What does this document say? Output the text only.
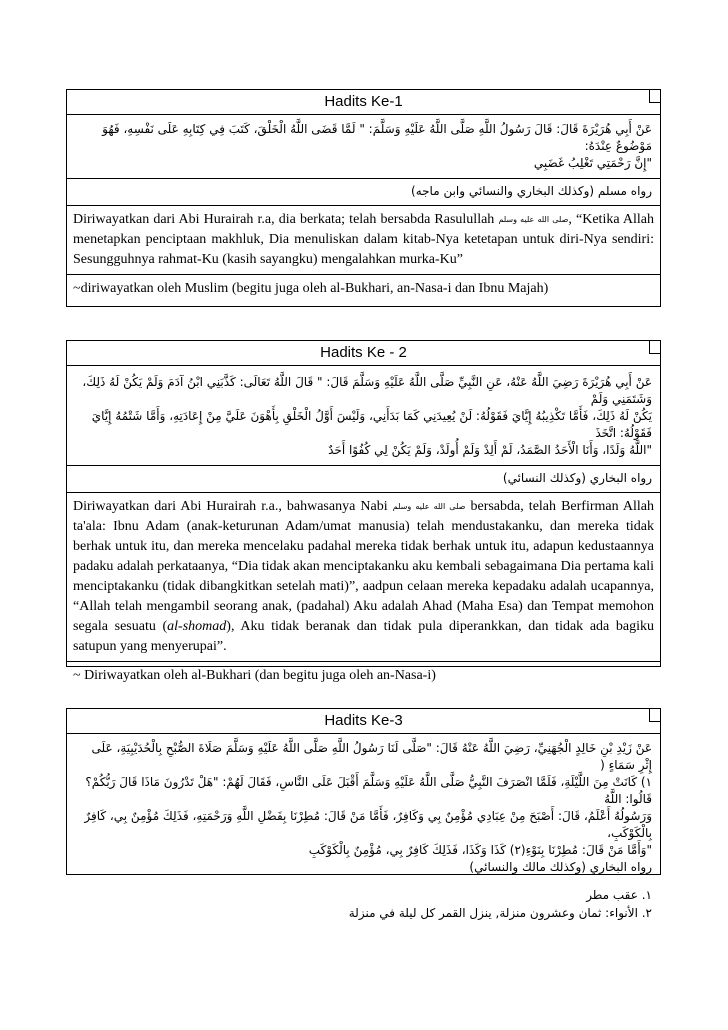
Hadits Ke-1
عَنْ أَبِي هُرَيْرَةَ قَالَ: قَالَ رَسُولُ اللَّهِ صَلَّى اللَّهُ عَلَيْهِ وَسَلَّمَ: " لَمَّا قَضَى اللَّهُ الْخَلْقَ، كَتَبَ فِي كِتَابِهِ عَلَى نَفْسِهِ، فَهُوَ مَوْضُوعٌ عِنْدَهُ:
"إِنَّ رَحْمَتِي تَغْلِبُ غَضَبِي
رواه مسلم (وكذلك البخاري والنسائي وابن ماجه)
Diriwayatkan dari Abi Hurairah r.a, dia berkata; telah bersabda Rasulullah صلى الله عليه وسلم, “Ketika Allah menetapkan penciptaan makhluk, Dia menuliskan dalam kitab-Nya ketetapan untuk diri-Nya sendiri: Sesungguhnya rahmat-Ku (kasih sayangku) mengalahkan murka-Ku”
~diriwayatkan oleh Muslim (begitu juga oleh al-Bukhari, an-Nasa-i dan Ibnu Majah)
Hadits Ke - 2
عَنْ أَبِي هُرَيْرَةَ رَضِيَ اللَّهُ عَنْهُ، عَنِ النَّبِيِّ صَلَّى اللَّهُ عَلَيْهِ وَسَلَّمَ قَالَ: " قَالَ اللَّهُ تَعَالَى: كَذَّبَنِي ابْنُ آدَمَ وَلَمْ يَكُنْ لَهُ ذَلِكَ، وَشَتَمَنِي وَلَمْ
يَكُنْ لَهُ ذَلِكَ، فَأَمَّا تَكْذِيبُهُ إِيَّايَ فَقَوْلُهُ: لَنْ يُعِيدَنِي كَمَا بَدَأَنِي، وَلَيْسَ أَوَّلُ الْخَلْقِ بِأَهْوَنَ عَلَيَّ مِنْ إِعَادَتِهِ، وَأَمَّا شَتْمُهُ إِيَّايَ فَقَوْلُهُ: اتَّخَذَ
"اللَّهُ وَلَدًا، وَأَنَا الْأَحَدُ الصَّمَدُ، لَمْ أَلِدْ وَلَمْ أُولَدْ، وَلَمْ يَكُنْ لِي كُفُوًا أَحَدٌ
رواه البخاري (وكذلك النسائي)
Diriwayatkan dari Abi Hurairah r.a., bahwasanya Nabi صلى الله عليه وسلم bersabda, telah Berfirman Allah ta'ala: Ibnu Adam (anak-keturunan Adam/umat manusia) telah mendustakanku, dan mereka tidak berhak untuk itu, dan mereka mencelaku padahal mereka tidak berhak untuk itu, adapun kedustaannya padaku adalah perkataanya, “Dia tidak akan menciptakanku aku kembali sebagaimana Dia pertama kali menciptakanku (tidak dibangkitkan setelah mati)”, aadpun celaan mereka kepadaku adalah ucapannya, “Allah telah mengambil seorang anak, (padahal) Aku adalah Ahad (Maha Esa) dan Tempat memohon segala sesuatu (al-shomad), Aku tidak beranak dan tidak pula diperankkan, dan tidak ada bagiku satupun yang menyerupai”.
~ Diriwayatkan oleh al-Bukhari (dan begitu juga oleh an-Nasa-i)
Hadits Ke-3
عَنْ زَيْدِ بْنِ خَالِدٍ الْجُهَنِيِّ، رَضِيَ اللَّهُ عَنْهُ قَالَ: "صَلَّى لَنَا رَسُولُ اللَّهِ صَلَّى اللَّهُ عَلَيْهِ وَسَلَّمَ صَلَاةَ الصُّبْحِ بِالْحُدَيْبِيَةِ، عَلَى إِثْرِ سَمَاءٍ (
١) كَانَتْ مِنَ اللَّيْلَةِ، فَلَمَّا انْصَرَفَ النَّبِيُّ صَلَّى اللَّهُ عَلَيْهِ وَسَلَّمَ أَقْبَلَ عَلَى النَّاسِ، فَقَالَ لَهُمْ: "هَلْ تَدْرُونَ مَاذَا قَالَ رَبُّكُمْ؟ قَالُوا: اللَّهُ
وَرَسُولُهُ أَعْلَمُ، قَالَ: أَصْبَحَ مِنْ عِبَادِي مُؤْمِنٌ بِي وَكَافِرٌ، فَأَمَّا مَنْ قَالَ: مُطِرْنَا بِفَضْلِ اللَّهِ وَرَحْمَتِهِ، فَذَلِكَ مُؤْمِنٌ بِي، كَافِرٌ بِالْكَوْكَبِ،
"وَأَمَّا مَنْ قَالَ: مُطِرْنَا بِنَوْءِ(٢) كَذَا وَكَذَا، فَذَلِكَ كَافِرٌ بِي، مُؤْمِنٌ بِالْكَوْكَبِ
رواه البخاري (وكذلك مالك والنسائي)
١. عقب مطر
٢. الأنواء: ثمان وعشرون منزلة, ينزل القمر كل ليلة في منزلة
